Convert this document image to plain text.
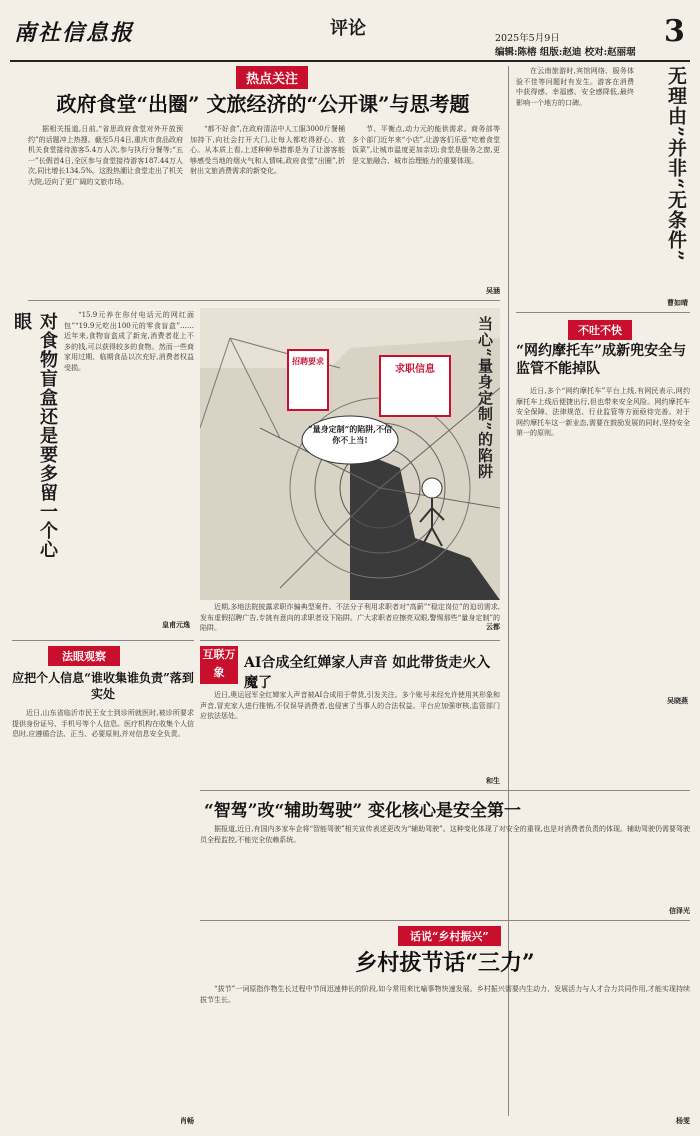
南社信息报	评论	2025年5月9日
编辑:陈榕 组版:赵迪 校对:赵丽琚
3
热点关注
政府食堂“出圈” 文旅经济的“公开课”与思考题

据相关报道,日前,“省思政府食堂对外开放预约”的话题冲上热搜。截至5月4日,重庆市食品政府机关食堂接待游客5.4万人次,参与执行分餐等;“五一”长假首4日,全区参与食堂接待游客187.44万人次,同比增长134.5%。这股热潮让食堂走出了机关大院,迈向了更广阔的文旅市场。

“都不好食”,在政府清洁中人工服3000斤餐桶加持下,向社会打开大门,让每人都吃得舒心、放心。从本质上看,上述种种举措都是为了让游客能够感受当地的烟火气和人情味,政府食堂“出圈”,折射出文旅消费需求的新变化。

节、平衡点,动力元的能供需求。商务部等多个部门近年来“小店”,让游客们乐意“吃着食堂饭菜”,让城市温度更加亲切;食堂是服务之窗,更是文旅融合、城市治理能力的重要体现。

吴涵

在云南旅游时,宾馆网络、服务体验不佳等问题时有发生。游客在消费中获得感、幸福感、安全感降低,最终影响一个地方的口碑。	无理由”并非“无条件”
曹如晴
不吐不快
“网约摩托车”成新兜安全与监管不能掉队

近日,多个“网约摩托车”平台上线,有网民表示,网约摩托车上线后便捷出行,但也带来安全风险。网约摩托车安全保障、法律规范、行业监管等方面亟待完善。对于网约摩托车这一新业态,需要在鼓励发展的同时,坚持安全第一的原则。

吴晓燕
对食物盲盒还是要多留一个心眼	“15.9元养在你付电话元的网红面包”“19.9元吃出100元的零食盲盒”……近年来,食物盲盒成了新宠,消费者花上不多的钱,可以获得较多的食物。然而一些商家用过期、临期食品以次充好,消费者权益受损。

皇甫元逸
招聘要求
求职信息
“量身定制”的陷阱,不信你不上当!	当心“量身定制”的陷阱

近期,多地法院披露求职诈骗典型案件。不法分子利用求职者对“高薪”“稳定岗位”的迫切需求,发布虚假招聘广告,专挑有意向的求职者设下陷阱。广大求职者应擦亮双眼,警惕那些“量身定制”的陷阱。	云都
互联万象
AI合成全红婵家人声音 如此带货走火入魔了

近日,奥运冠军全红婵家人声音被AI合成用于带货,引发关注。多个账号未经允许使用其形象和声音,冒充家人进行推销,不仅误导消费者,也侵害了当事人的合法权益。平台应加强审核,监管部门应依法惩处。

和生
法眼观察
应把个人信息“谁收集谁负责”落到实处

近日,山东省临沂市民王女士到诊所就医时,被诊所要求提供身份证号、手机号等个人信息。医疗机构在收集个人信息时,应遵循合法、正当、必要原则,并对信息安全负责。

肖畅
“智驾”改“辅助驾驶” 变化核心是安全第一

据报道,近日,有国内多家车企将“智能驾驶”相关宣传表述更改为“辅助驾驶”。这种变化体现了对安全的重视,也是对消费者负责的体现。辅助驾驶仍需要驾驶员全程监控,不能完全依赖系统。

信泽光
话说“乡村振兴”
乡村拔节话“三力”

“拔节”一词原指作物生长过程中节间迅速伸长的阶段,如今常用来比喻事物快速发展。乡村振兴需要内生动力、发展活力与人才合力共同作用,才能实现持续拔节生长。

杨雯
